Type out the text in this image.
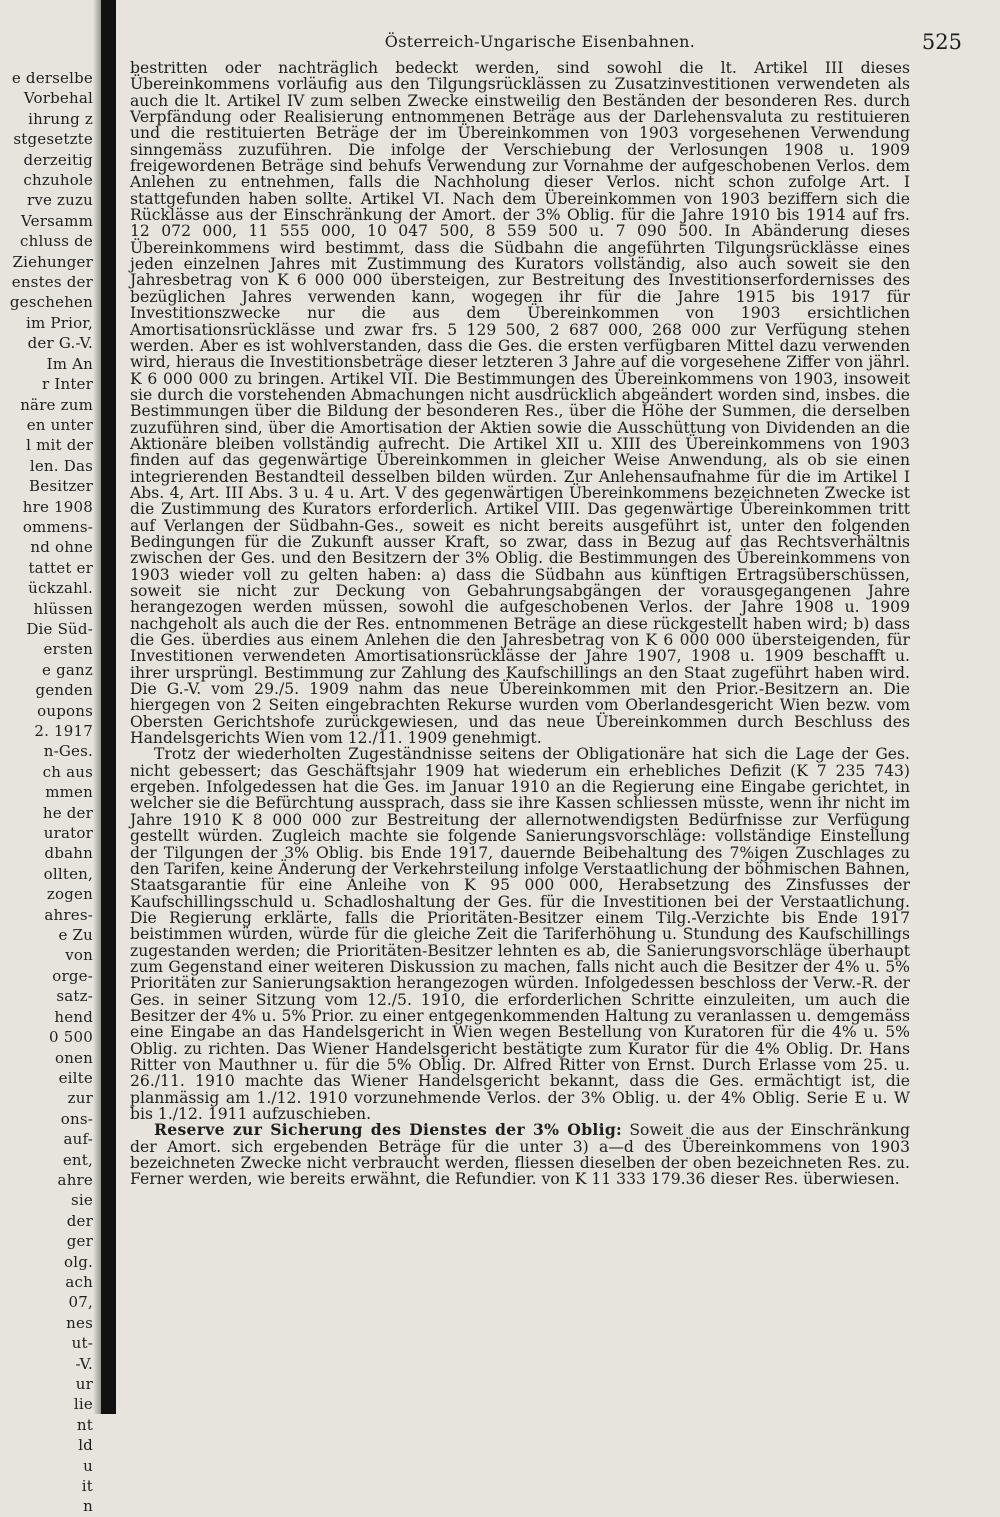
e derselbe
Vorbehal
ihrung z
stgesetzte
derzeitig
chzuhole
rve zuzu
Versamm
chluss de
Ziehunger
enstes der
geschehen
im Prior,
der G.-V.
Im An
r Inter
näre zum
en unter
l mit der
len. Das
Besitzer
hre 1908
ommens-
nd ohne
tattet er
ückzahl.
hlüssen
Die Süd-
ersten
e ganz
genden
oupons
2. 1917
n-Ges.
ch aus
mmen
he der
urator
dbahn
ollten,
zogen
ahres-
e Zu
von
orge-
satz-
hend
0 500
onen
eilte
zur
ons-
auf-
ent,
ahre
sie
der
ger
olg.
ach
07,
nes
ut-
-V.
ur
lie
nt
ld
u
it
n
Österreich-Ungarische Eisenbahnen.	525

bestritten oder nachträglich bedeckt werden, sind sowohl die lt. Artikel III dieses Übereinkommens vorläufig aus den Tilgungsrücklässen zu Zusatzinvestitionen verwendeten als auch die lt. Artikel IV zum selben Zwecke einstweilig den Beständen der besonderen Res. durch Verpfändung oder Realisierung entnommenen Beträge aus der Darlehensvaluta zu restituieren und die restituierten Beträge der im Übereinkommen von 1903 vorgesehenen Verwendung sinngemäss zuzuführen. Die infolge der Verschiebung der Verlosungen 1908 u. 1909 freigewordenen Beträge sind behufs Verwendung zur Vornahme der aufgeschobenen Verlos. dem Anlehen zu entnehmen, falls die Nachholung dieser Verlos. nicht schon zufolge Art. I stattgefunden haben sollte. Artikel VI. Nach dem Übereinkommen von 1903 beziffern sich die Rücklässe aus der Einschränkung der Amort. der 3% Oblig. für die Jahre 1910 bis 1914 auf frs. 12 072 000, 11 555 000, 10 047 500, 8 559 500 u. 7 090 500. In Abänderung dieses Übereinkommens wird bestimmt, dass die Südbahn die angeführten Tilgungsrücklässe eines jeden einzelnen Jahres mit Zustimmung des Kurators vollständig, also auch soweit sie den Jahresbetrag von K 6 000 000 übersteigen, zur Bestreitung des Investitionserfordernisses des bezüglichen Jahres verwenden kann, wogegen ihr für die Jahre 1915 bis 1917 für Investitionszwecke nur die aus dem Übereinkommen von 1903 ersichtlichen Amortisationsrücklässe und zwar frs. 5 129 500, 2 687 000, 268 000 zur Verfügung stehen werden. Aber es ist wohlverstanden, dass die Ges. die ersten verfügbaren Mittel dazu verwenden wird, hieraus die Investitionsbeträge dieser letzteren 3 Jahre auf die vorgesehene Ziffer von jährl. K 6 000 000 zu bringen. Artikel VII. Die Bestimmungen des Übereinkommens von 1903, insoweit sie durch die vorstehenden Abmachungen nicht ausdrücklich abgeändert worden sind, insbes. die Bestimmungen über die Bildung der besonderen Res., über die Höhe der Summen, die derselben zuzuführen sind, über die Amortisation der Aktien sowie die Ausschüttung von Dividenden an die Aktionäre bleiben vollständig aufrecht. Die Artikel XII u. XIII des Übereinkommens von 1903 finden auf das gegenwärtige Übereinkommen in gleicher Weise Anwendung, als ob sie einen integrierenden Bestandteil desselben bilden würden. Zur Anlehensaufnahme für die im Artikel I Abs. 4, Art. III Abs. 3 u. 4 u. Art. V des gegenwärtigen Übereinkommens bezeichneten Zwecke ist die Zustimmung des Kurators erforderlich. Artikel VIII. Das gegenwärtige Übereinkommen tritt auf Verlangen der Südbahn-Ges., soweit es nicht bereits ausgeführt ist, unter den folgenden Bedingungen für die Zukunft ausser Kraft, so zwar, dass in Bezug auf das Rechtsverhältnis zwischen der Ges. und den Besitzern der 3% Oblig. die Bestimmungen des Übereinkommens von 1903 wieder voll zu gelten haben: a) dass die Südbahn aus künftigen Ertragsüberschüssen, soweit sie nicht zur Deckung von Gebahrungsabgängen der vorausgegangenen Jahre herangezogen werden müssen, sowohl die aufgeschobenen Verlos. der Jahre 1908 u. 1909 nachgeholt als auch die der Res. entnommenen Beträge an diese rückgestellt haben wird; b) dass die Ges. überdies aus einem Anlehen die den Jahresbetrag von K 6 000 000 übersteigenden, für Investitionen verwendeten Amortisationsrücklässe der Jahre 1907, 1908 u. 1909 beschafft u. ihrer ursprüngl. Bestimmung zur Zahlung des Kaufschillings an den Staat zugeführt haben wird. Die G.-V. vom 29./5. 1909 nahm das neue Übereinkommen mit den Prior.-Besitzern an. Die hiergegen von 2 Seiten eingebrachten Rekurse wurden vom Oberlandesgericht Wien bezw. vom Obersten Gerichtshofe zurückgewiesen, und das neue Übereinkommen durch Beschluss des Handelsgerichts Wien vom 12./11. 1909 genehmigt.

Trotz der wiederholten Zugeständnisse seitens der Obligationäre hat sich die Lage der Ges. nicht gebessert; das Geschäftsjahr 1909 hat wiederum ein erhebliches Defizit (K 7 235 743) ergeben. Infolgedessen hat die Ges. im Januar 1910 an die Regierung eine Eingabe gerichtet, in welcher sie die Befürchtung aussprach, dass sie ihre Kassen schliessen müsste, wenn ihr nicht im Jahre 1910 K 8 000 000 zur Bestreitung der allernotwendigsten Bedürfnisse zur Verfügung gestellt würden. Zugleich machte sie folgende Sanierungsvorschläge: vollständige Einstellung der Tilgungen der 3% Oblig. bis Ende 1917, dauernde Beibehaltung des 7%igen Zuschlages zu den Tarifen, keine Änderung der Verkehrsteilung infolge Verstaatlichung der böhmischen Bahnen, Staatsgarantie für eine Anleihe von K 95 000 000, Herabsetzung des Zinsfusses der Kaufschillingsschuld u. Schadloshaltung der Ges. für die Investitionen bei der Verstaatlichung. Die Regierung erklärte, falls die Prioritäten-Besitzer einem Tilg.-Verzichte bis Ende 1917 beistimmen würden, würde für die gleiche Zeit die Tariferhöhung u. Stundung des Kaufschillings zugestanden werden; die Prioritäten-Besitzer lehnten es ab, die Sanierungsvorschläge überhaupt zum Gegenstand einer weiteren Diskussion zu machen, falls nicht auch die Besitzer der 4% u. 5% Prioritäten zur Sanierungsaktion herangezogen würden. Infolgedessen beschloss der Verw.-R. der Ges. in seiner Sitzung vom 12./5. 1910, die erforderlichen Schritte einzuleiten, um auch die Besitzer der 4% u. 5% Prior. zu einer entgegenkommenden Haltung zu veranlassen u. demgemäss eine Eingabe an das Handelsgericht in Wien wegen Bestellung von Kuratoren für die 4% u. 5% Oblig. zu richten. Das Wiener Handelsgericht bestätigte zum Kurator für die 4% Oblig. Dr. Hans Ritter von Mauthner u. für die 5% Oblig. Dr. Alfred Ritter von Ernst. Durch Erlasse vom 25. u. 26./11. 1910 machte das Wiener Handelsgericht bekannt, dass die Ges. ermächtigt ist, die planmässig am 1./12. 1910 vorzunehmende Verlos. der 3% Oblig. u. der 4% Oblig. Serie E u. W bis 1./12. 1911 aufzuschieben.

Reserve zur Sicherung des Dienstes der 3% Oblig: Soweit die aus der Einschränkung der Amort. sich ergebenden Beträge für die unter 3) a—d des Übereinkommens von 1903 bezeichneten Zwecke nicht verbraucht werden, fliessen dieselben der oben bezeichneten Res. zu. Ferner werden, wie bereits erwähnt, die Refundier. von K 11 333 179.36 dieser Res. überwiesen.
